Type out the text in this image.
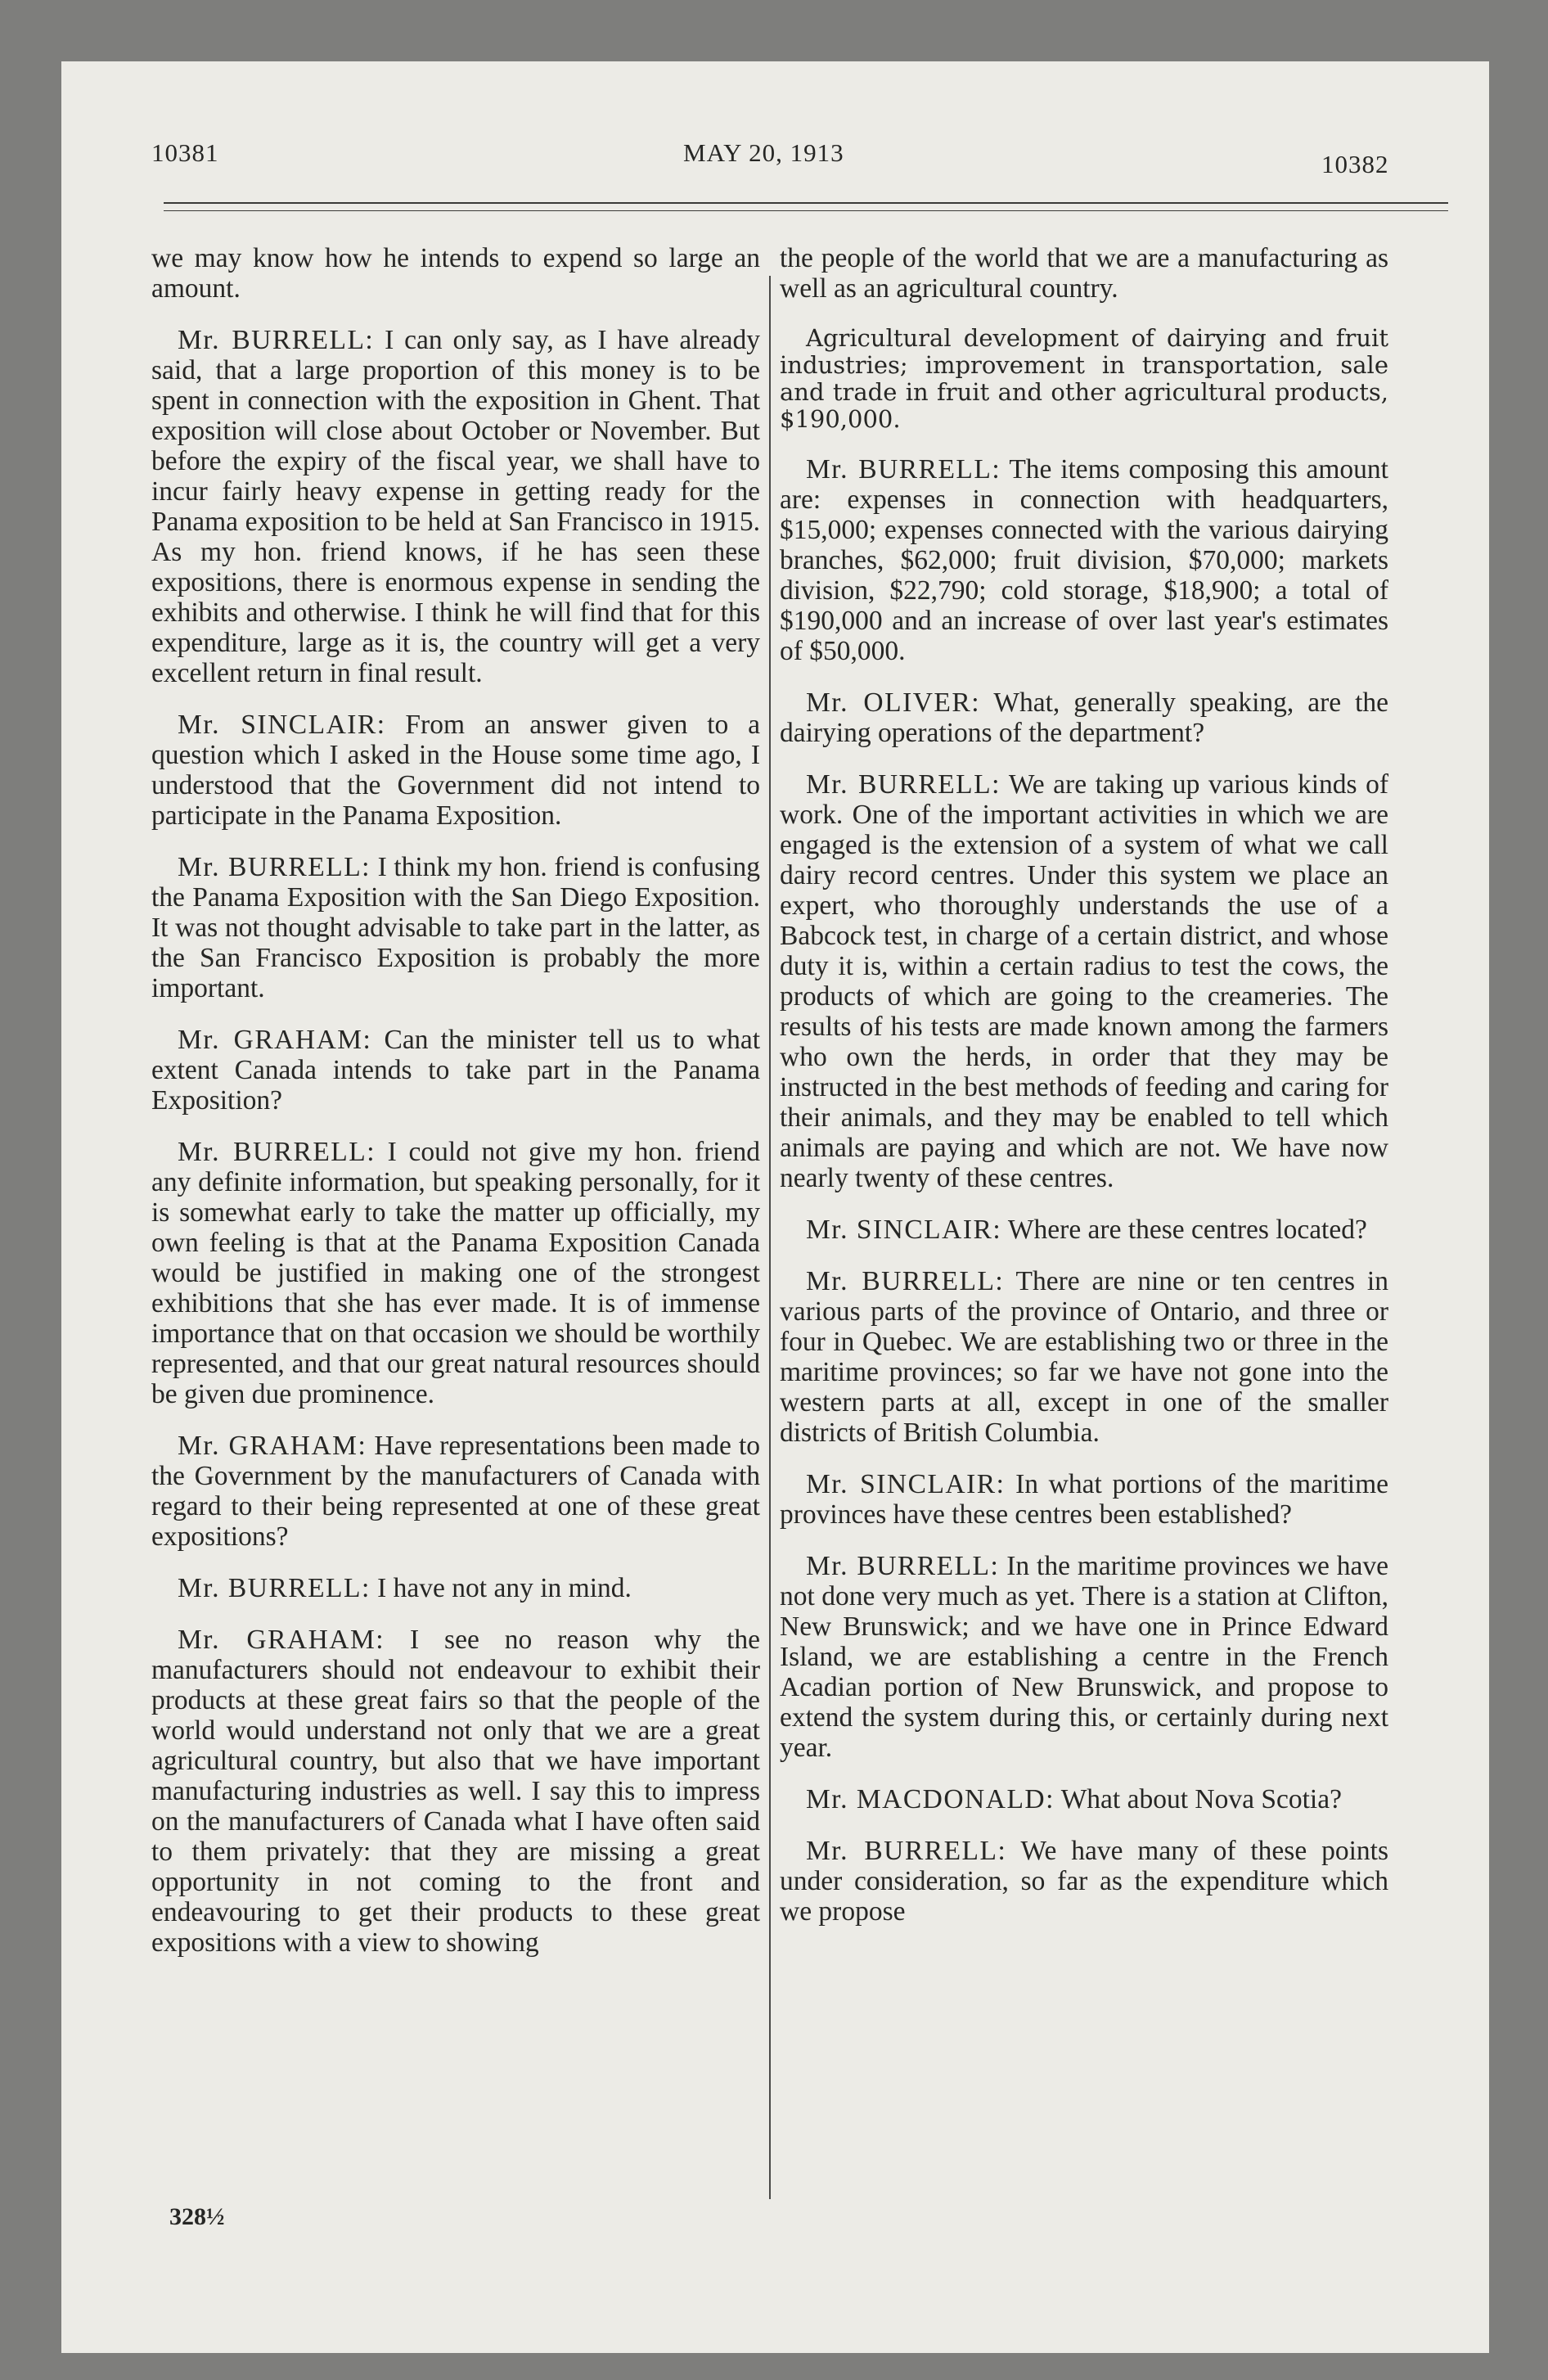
10381	MAY 20, 1913	10382

we may know how he intends to expend so large an amount.

Mr. BURRELL: I can only say, as I have already said, that a large proportion of this money is to be spent in connection with the exposition in Ghent. That exposition will close about October or November. But before the expiry of the fiscal year, we shall have to incur fairly heavy expense in getting ready for the Panama exposition to be held at San Francisco in 1915. As my hon. friend knows, if he has seen these expositions, there is enormous expense in sending the exhibits and otherwise. I think he will find that for this expenditure, large as it is, the country will get a very excellent return in final result.

Mr. SINCLAIR: From an answer given to a question which I asked in the House some time ago, I understood that the Government did not intend to participate in the Panama Exposition.

Mr. BURRELL: I think my hon. friend is confusing the Panama Exposition with the San Diego Exposition. It was not thought advisable to take part in the latter, as the San Francisco Exposition is probably the more important.

Mr. GRAHAM: Can the minister tell us to what extent Canada intends to take part in the Panama Exposition?

Mr. BURRELL: I could not give my hon. friend any definite information, but speaking personally, for it is somewhat early to take the matter up officially, my own feeling is that at the Panama Exposition Canada would be justified in making one of the strongest exhibitions that she has ever made. It is of immense importance that on that occasion we should be worthily represented, and that our great natural resources should be given due prominence.

Mr. GRAHAM: Have representations been made to the Government by the manufacturers of Canada with regard to their being represented at one of these great expositions?

Mr. BURRELL: I have not any in mind.

Mr. GRAHAM: I see no reason why the manufacturers should not endeavour to exhibit their products at these great fairs so that the people of the world would understand not only that we are a great agricultural country, but also that we have important manufacturing industries as well. I say this to impress on the manufacturers of Canada what I have often said to them privately: that they are missing a great opportunity in not coming to the front and endeavouring to get their products to these great expositions with a view to showing

the people of the world that we are a manufacturing as well as an agricultural country.

Agricultural development of dairying and fruit industries; improvement in transportation, sale and trade in fruit and other agricultural products, $190,000.

Mr. BURRELL: The items composing this amount are: expenses in connection with headquarters, $15,000; expenses connected with the various dairying branches, $62,000; fruit division, $70,000; markets division, $22,790; cold storage, $18,900; a total of $190,000 and an increase of over last year's estimates of $50,000.

Mr. OLIVER: What, generally speaking, are the dairying operations of the department?

Mr. BURRELL: We are taking up various kinds of work. One of the important activities in which we are engaged is the extension of a system of what we call dairy record centres. Under this system we place an expert, who thoroughly understands the use of a Babcock test, in charge of a certain district, and whose duty it is, within a certain radius to test the cows, the products of which are going to the creameries. The results of his tests are made known among the farmers who own the herds, in order that they may be instructed in the best methods of feeding and caring for their animals, and they may be enabled to tell which animals are paying and which are not. We have now nearly twenty of these centres.

Mr. SINCLAIR: Where are these centres located?

Mr. BURRELL: There are nine or ten centres in various parts of the province of Ontario, and three or four in Quebec. We are establishing two or three in the maritime provinces; so far we have not gone into the western parts at all, except in one of the smaller districts of British Columbia.

Mr. SINCLAIR: In what portions of the maritime provinces have these centres been established?

Mr. BURRELL: In the maritime provinces we have not done very much as yet. There is a station at Clifton, New Brunswick; and we have one in Prince Edward Island, we are establishing a centre in the French Acadian portion of New Brunswick, and propose to extend the system during this, or certainly during next year.

Mr. MACDONALD: What about Nova Scotia?

Mr. BURRELL: We have many of these points under consideration, so far as the expenditure which we propose

328½
